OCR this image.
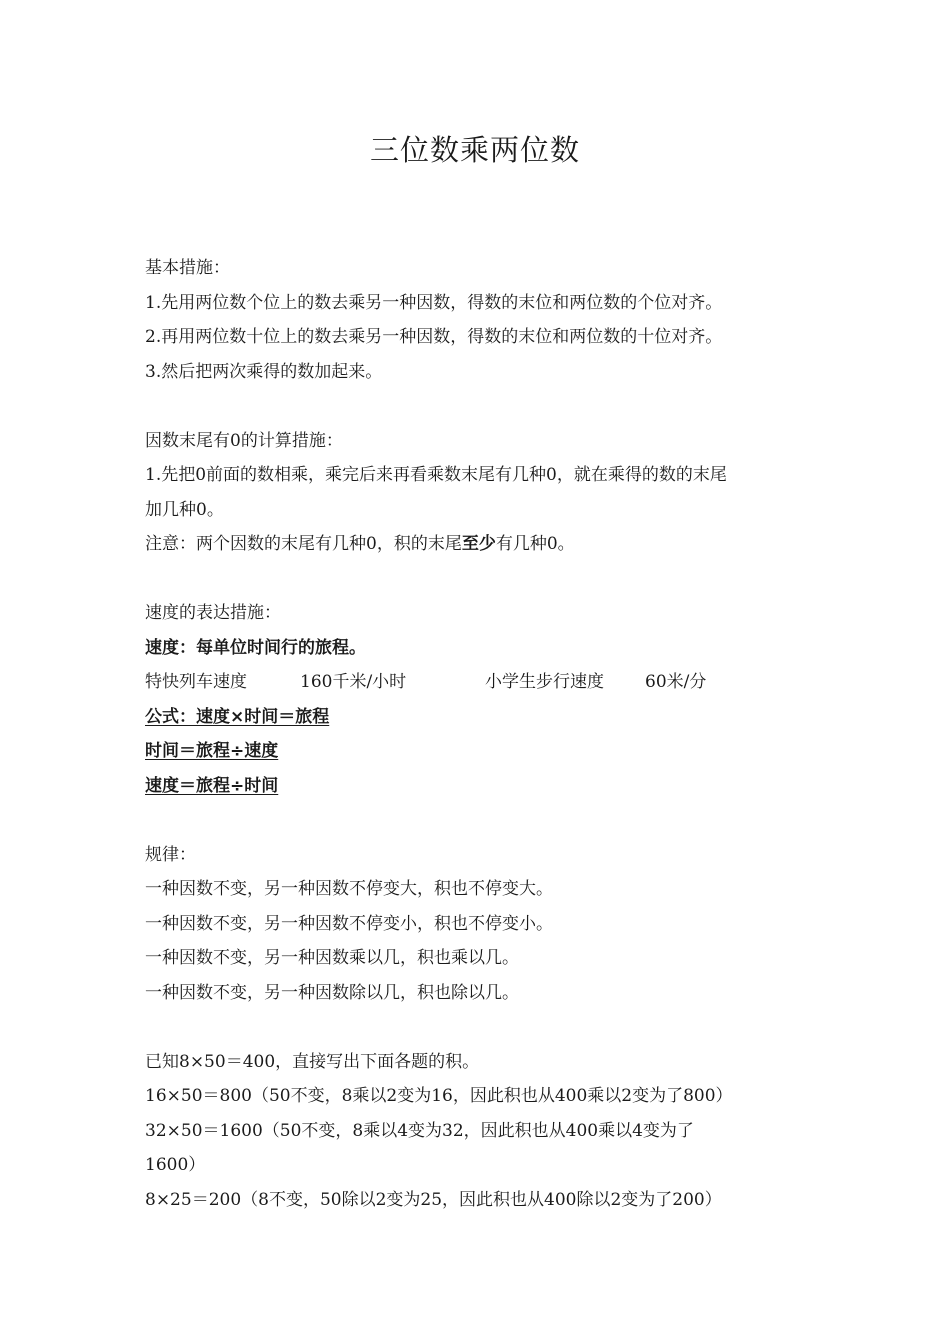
三位数乘两位数
基本措施：
1.先用两位数个位上的数去乘另一种因数，得数的末位和两位数的个位对齐。
2.再用两位数十位上的数去乘另一种因数，得数的末位和两位数的十位对齐。
3.然后把两次乘得的数加起来。
因数末尾有0的计算措施：
1.先把0前面的数相乘，乘完后来再看乘数末尾有几种0，就在乘得的数的末尾
加几种0。
注意：两个因数的末尾有几种0，积的末尾至少有几种0。
速度的表达措施：
速度：每单位时间行的旅程。
特快列车速度	160千米/小时	小学生步行速度 60米/分
公式：速度×时间＝旅程
时间＝旅程÷速度
速度＝旅程÷时间
规律：
一种因数不变，另一种因数不停变大，积也不停变大。
一种因数不变，另一种因数不停变小，积也不停变小。
一种因数不变，另一种因数乘以几，积也乘以几。
一种因数不变，另一种因数除以几，积也除以几。
已知8×50＝400，直接写出下面各题的积。
16×50＝800（50不变，8乘以2变为16，因此积也从400乘以2变为了800）
32×50＝1600（50不变，8乘以4变为32，因此积也从400乘以4变为了
1600）
8×25＝200（8不变，50除以2变为25，因此积也从400除以2变为了200）
